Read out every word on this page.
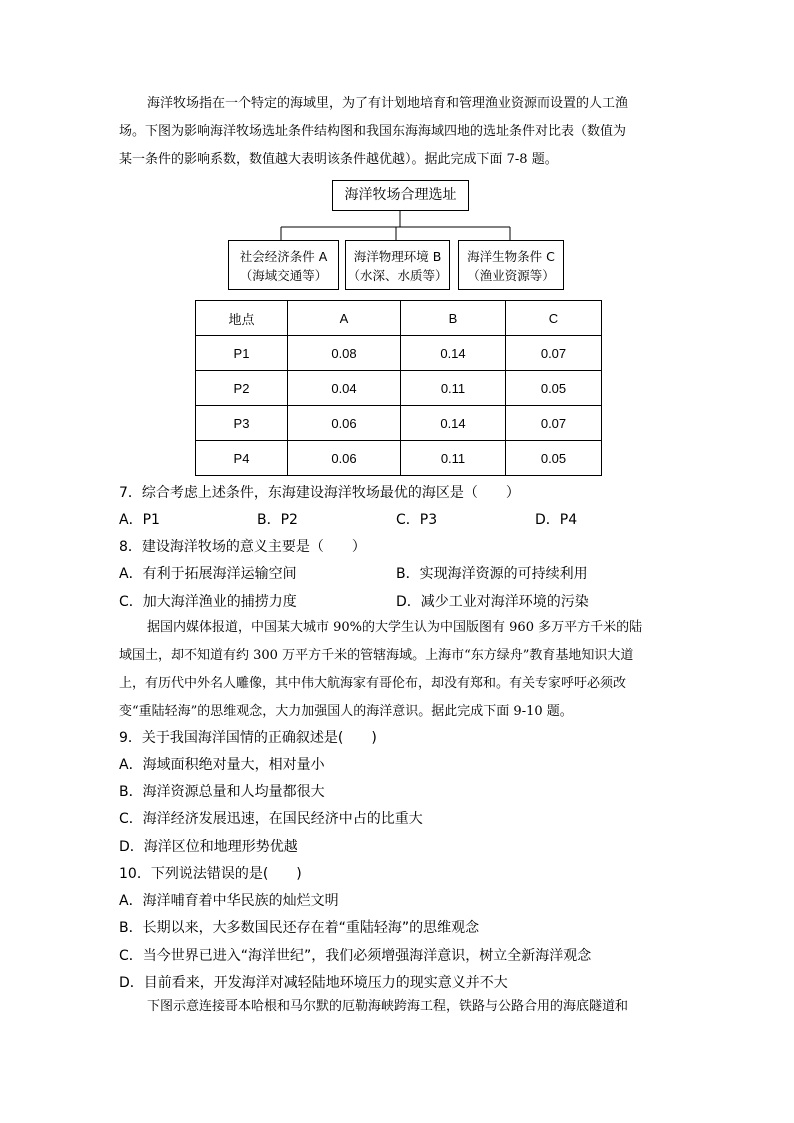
海洋牧场指在一个特定的海域里，为了有计划地培育和管理渔业资源而设置的人工渔
场。下图为影响海洋牧场选址条件结构图和我国东海海域四地的选址条件对比表（数值为
某一条件的影响系数，数值越大表明该条件越优越）。据此完成下面 7-8 题。
海洋牧场合理选址
社会经济条件 A
（海域交通等）
海洋物理环境 B
（水深、水质等）
海洋生物条件 C
（渔业资源等）
地点	A	B	C
P1	0.08	0.14	0.07
P2	0.04	0.11	0.05
P3	0.06	0.14	0.07
P4	0.06	0.11	0.05
7．综合考虑上述条件，东海建设海洋牧场最优的海区是（　　）
A．P1	B．P2	C．P3	D．P4
8．建设海洋牧场的意义主要是（　　）
A．有利于拓展海洋运输空间	B．实现海洋资源的可持续利用
C．加大海洋渔业的捕捞力度	D．减少工业对海洋环境的污染
据国内媒体报道，中国某大城市 90%的大学生认为中国版图有 960 多万平方千米的陆
域国土，却不知道有约 300 万平方千米的管辖海域。上海市“东方绿舟”教育基地知识大道
上，有历代中外名人雕像，其中伟大航海家有哥伦布，却没有郑和。有关专家呼吁必须改
变“重陆轻海”的思维观念，大力加强国人的海洋意识。据此完成下面 9-10 题。
9．关于我国海洋国情的正确叙述是(　　)
A．海域面积绝对量大，相对量小
B．海洋资源总量和人均量都很大
C．海洋经济发展迅速，在国民经济中占的比重大
D．海洋区位和地理形势优越
10．下列说法错误的是(　　)
A．海洋哺育着中华民族的灿烂文明
B．长期以来，大多数国民还存在着“重陆轻海”的思维观念
C．当今世界已进入“海洋世纪”，我们必须增强海洋意识，树立全新海洋观念
D．目前看来，开发海洋对减轻陆地环境压力的现实意义并不大
下图示意连接哥本哈根和马尔默的厄勒海峡跨海工程，铁路与公路合用的海底隧道和
